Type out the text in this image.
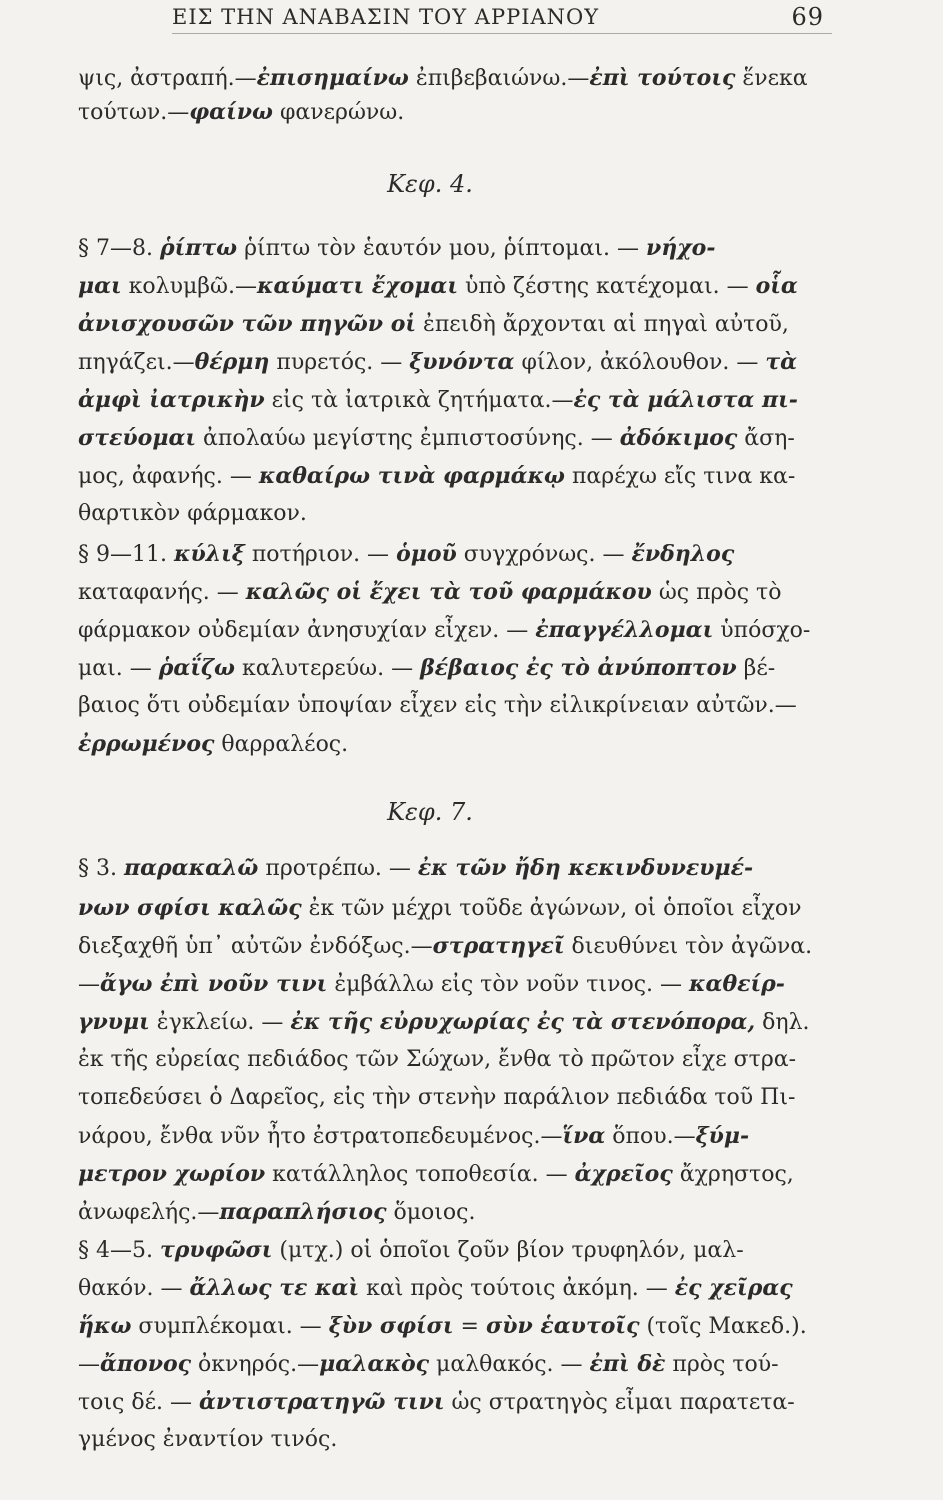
ΕΙΣ ΤΗΝ ΑΝΑΒΑΣΙΝ ΤΟΥ ΑΡΡΙΑΝΟΥ	69
ψις, ἀστραπή.—ἐπισημαίνω ἐπιβεβαιώνω.—ἐπὶ τούτοις ἕνεκα
τούτων.—φαίνω φανερώνω.
Κεφ. 4.
§ 7—8. ῥίπτω ῥίπτω τὸν ἑαυτόν μου, ῥίπτομαι. — νήχο-
μαι κολυμβῶ.—καύματι ἔχομαι ὑπὸ ζέστης κατέχομαι. — οἷα
ἀνισχουσῶν τῶν πηγῶν οἱ ἐπειδὴ ἄρχονται αἱ πηγαὶ αὐτοῦ,
πηγάζει.—θέρμη πυρετός. — ξυνόντα φίλον, ἀκόλουθον. — τὰ
ἀμφὶ ἰατρικὴν εἰς τὰ ἰατρικὰ ζητήματα.—ἐς τὰ μάλιστα πι-
στεύομαι ἀπολαύω μεγίστης ἐμπιστοσύνης. — ἀδόκιμος ἄση-
μος, ἀφανής. — καθαίρω τινὰ φαρμάκῳ παρέχω εἴς τινα κα-
θαρτικὸν φάρμακον.
§ 9—11. κύλιξ ποτήριον. — ὁμοῦ συγχρόνως. — ἔνδηλος
καταφανής. — καλῶς οἱ ἔχει τὰ τοῦ φαρμάκου ὡς πρὸς τὸ
φάρμακον οὐδεμίαν ἀνησυχίαν εἶχεν. — ἐπαγγέλλομαι ὑπόσχο-
μαι. — ῥαΐζω καλυτερεύω. — βέβαιος ἐς τὸ ἀνύποπτον βέ-
βαιος ὅτι οὐδεμίαν ὑποψίαν εἶχεν εἰς τὴν εἰλικρίνειαν αὐτῶν.—
ἐρρωμένος θαρραλέος.
Κεφ. 7.
§ 3. παρακαλῶ προτρέπω. — ἐκ τῶν ἤδη κεκινδυνευμέ-
νων σφίσι καλῶς ἐκ τῶν μέχρι τοῦδε ἀγώνων, οἱ ὁποῖοι εἶχον
διεξαχθῆ ὑπ᾽ αὐτῶν ἐνδόξως.—στρατηγεῖ διευθύνει τὸν ἀγῶνα.
—ἄγω ἐπὶ νοῦν τινι ἐμβάλλω εἰς τὸν νοῦν τινος. — καθείρ-
γνυμι ἐγκλείω. — ἐκ τῆς εὐρυχωρίας ἐς τὰ στενόπορα, δηλ.
ἐκ τῆς εὐρείας πεδιάδος τῶν Σώχων, ἔνθα τὸ πρῶτον εἶχε στρα-
τοπεδεύσει ὁ Δαρεῖος, εἰς τὴν στενὴν παράλιον πεδιάδα τοῦ Πι-
νάρου, ἔνθα νῦν ἦτο ἐστρατοπεδευμένος.—ἵνα ὅπου.—ξύμ-
μετρον χωρίον κατάλληλος τοποθεσία. — ἀχρεῖος ἄχρηστος,
ἀνωφελής.—παραπλήσιος ὅμοιος.
§ 4—5. τρυφῶσι (μτχ.) οἱ ὁποῖοι ζοῦν βίον τρυφηλόν, μαλ-
θακόν. — ἄλλως τε καὶ καὶ πρὸς τούτοις ἀκόμη. — ἐς χεῖρας
ἥκω συμπλέκομαι. — ξὺν σφίσι = σὺν ἑαυτοῖς (τοῖς Μακεδ.).
—ἄπονος ὀκνηρός.—μαλακὸς μαλθακός. — ἐπὶ δὲ πρὸς τού-
τοις δέ. — ἀντιστρατηγῶ τινι ὡς στρατηγὸς εἶμαι παρατετα-
γμένος ἐναντίον τινός.
